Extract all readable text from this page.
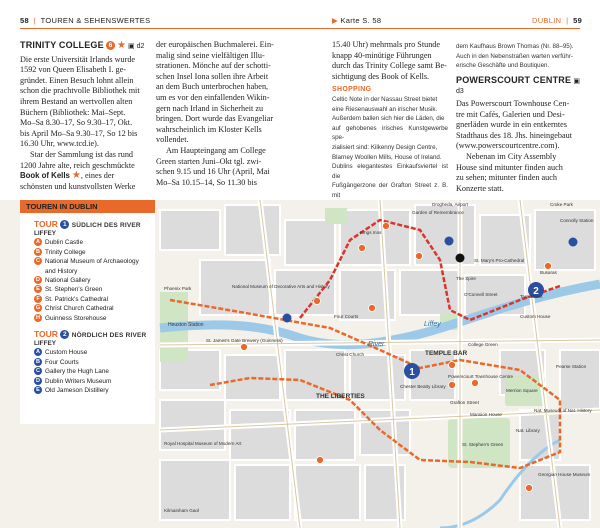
58  |  TOUREN & SEHENSWERTES	▶ Karte S. 58	DUBLIN  |  59
TRINITY COLLEGE 6 ★ ▣ d2

Die erste Universität Irlands wurde

1592 von Queen Elisabeth I. ge-

gründet. Einen Besuch lohnt allein

schon die prachtvolle Bibliothek mit

ihrem Bestand an wertvollen alten

Büchern (Bibliothek: Mai–Sept.

Mo–Sa 8.30–17, So 9.30–17, Okt.

bis April Mo–Sa 9.30–17, So 12 bis

16.30 Uhr, www.tcd.ie).

Star der Sammlung ist das rund

1200 Jahre alte, reich geschmückte

Book of Kells ★, eines der

schönsten und kunstvollsten Werke

der europäischen Buchmalerei. Ein-

malig sind seine vielfältigen Illu-

strationen. Mönche auf der schotti-

schen Insel Iona sollen ihre Arbeit

an dem Buch unterbrochen haben,

um es vor den einfallenden Wikin-

gern nach Irland in Sicherheit zu

bringen. Dort wurde das Evangeliar

wahrscheinlich im Kloster Kells

vollendet.

Am Haupteingang am College

Green starten Juni–Okt tgl. zwi-

schen 9.15 und 16 Uhr (April, Mai

Mo–Sa 10.15–14, So 11.30 bis

15.40 Uhr) mehrmals pro Stunde

knapp 40-minütige Führungen

durch das Trinity College samt Be-

sichtigung des Book of Kells.

SHOPPING
Celtic Note in der Nassau Street bietet
eine Riesenauswahl an irischer Musik.
Außerdem ballen sich hier die Läden, die
auf gehobenes irisches Kunstgewerbe spe-
zialisiert sind: Kilkenny Design Centre,
Blarney Woollen Mills, House of Ireland.
Dublins elegantestes Einkaufsviertel ist die
Fußgängerzone der Grafton Street z. B. mit
dem Kaufhaus Brown Thomas (Nr. 88–95).
Auch in den Nebenstraßen warten verführ-
erische Geschäfte und Boutiquen.
POWERSCOURT CENTRE ▣ d3

Das Powerscourt Townhouse Cen-

tre mit Cafés, Galerien und Desi-

gnerläden wurde in ein entkerntes

Stadthaus des 18. Jhs. hineingebaut

(www.powerscourtcentre.com).

Nebenan im City Assembly

House sind mitunter finden auch

zu sehen; mitunter finden auch

Konzerte statt.

1
2
River
Liffey
TEMPLE BAR
THE LIBERTIES
Heuston Station
St. James's Gate Brewery (Guinness)
National Museum of Decorative Arts and History
Garden of Remembrance
Custom House
Busaras
Pearse Station
Chester Beatty Library
Powerscourt Townhouse Centre
St. Stephen's Green
Merrion Square
Mansion House
Nat. Library
Nat. Museum of Nat. History
Georgian House Museum
Kings Inns
Four Courts
Christ Church
The Spire
O'Connell Street
Grafton Street
Drogheda, Airport
Connolly Station
Tara Street
College Green
Royal Hospital Museum of Modern Art
Kilmainham Gaol
Phoenix Park
St. Mary's Pro-Cathedral
Croke Park
TOUREN IN DUBLIN
TOUR 1 SÜDLICH DES RIVER
LIFFEY
A Dublin Castle
B Trinity College
C National Museum of Archaeology
and History
D National Gallery
E St. Stephen's Green
F St. Patrick's Cathedral
G Christ Church Cathedral
H Guinness Storehouse
TOUR 2 NÖRDLICH DES RIVER
LIFFEY
A Custom House
B Four Courts
C Gallery the Hugh Lane
D Dublin Writers Museum
E Old Jameson Distillery
